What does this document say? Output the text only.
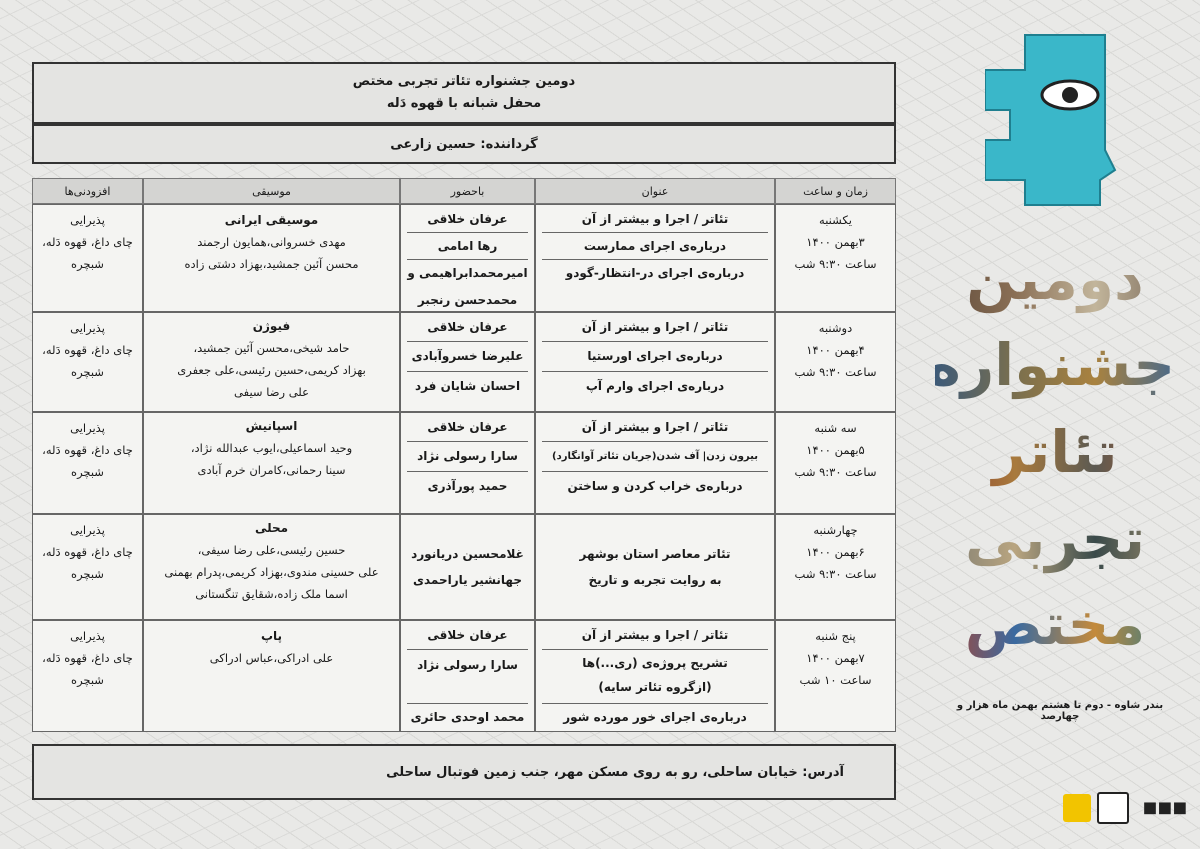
دومین جشنواره تئاتر تجربی مختص
محفل شبانه با قهوه دَله
گرداننده: حسین زارعی
زمان و ساعت
عنوان
باحضور
موسیقی
افزودنی‌ها
یکشنبه
۳بهمن ۱۴۰۰
ساعت ۹:۳۰ شب
تئاتر / اجرا و بیشتر از آن
درباره‌ی اجرای ممارست
درباره‌ی اجرای در-انتظار-گودو
عرفان خلاقی
رها امامی
امیرمحمدابراهیمی و
محمدحسن رنجبر
موسیقی ایرانی
مهدی خسروانی،همایون ارجمند
محسن آئین جمشید،بهزاد دشتی زاده
پذیرایی
چای داغ، قهوه دَله،
شبچره
دوشنبه
۴بهمن ۱۴۰۰
ساعت ۹:۳۰ شب
تئاتر / اجرا و بیشتر از آن
درباره‌ی اجرای اورستیا
درباره‌ی اجرای وارم آپ
عرفان خلاقی
علیرضا خسروآبادی
احسان شایان فرد
فیوژن
حامد شیخی،محسن آئین جمشید،
بهزاد کریمی،حسین رئیسی،علی جعفری
علی رضا سیفی
پذیرایی
چای داغ، قهوه دَله،
شبچره
سه شنبه
۵بهمن ۱۴۰۰
ساعت ۹:۳۰ شب
تئاتر / اجرا و بیشتر از آن
بیرون زدن| آف شدن(جریان تئاتر آوانگارد)
درباره‌ی خراب کردن و ساختن
عرفان خلاقی
سارا رسولی نژاد
حمید پورآذری
اسپانیش
وحید اسماعیلی،ایوب عبدالله نژاد،
سینا رحمانی،کامران خرم آبادی
پذیرایی
چای داغ، قهوه دَله،
شبچره
چهارشنبه
۶بهمن ۱۴۰۰
ساعت ۹:۳۰ شب
تئاتر معاصر استان بوشهر
به روایت تجربه و تاریخ
غلامحسین دریانورد
جهانشیر یاراحمدی
محلی
حسین رئیسی،علی رضا سیفی،
علی حسینی مندوی،بهزاد کریمی،پدرام بهمنی
اسما ملک زاده،شقایق تنگستانی
پذیرایی
چای داغ، قهوه دَله،
شبچره
پنج شنبه
۷بهمن ۱۴۰۰
ساعت ۱۰ شب
تئاتر / اجرا و بیشتر از آن
تشریح پروژه‌ی (ری...)ها
(ازگروه تئاتر سایه)
درباره‌ی اجرای خور مورده شور
عرفان خلاقی
سارا رسولی نژاد
محمد اوحدی حائری
پاپ
علی ادراکی،عباس ادراکی
پذیرایی
چای داغ، قهوه دَله،
شبچره
آدرس: خیابان ساحلی، رو به روی مسکن مهر، جنب زمین فوتبال ساحلی
دومین
جشنواره
تئاتر
تجربی
مختص
بندر شاوه - دوم تا هشتم بهمن ماه هزار و چهارصد
◼◼◼
